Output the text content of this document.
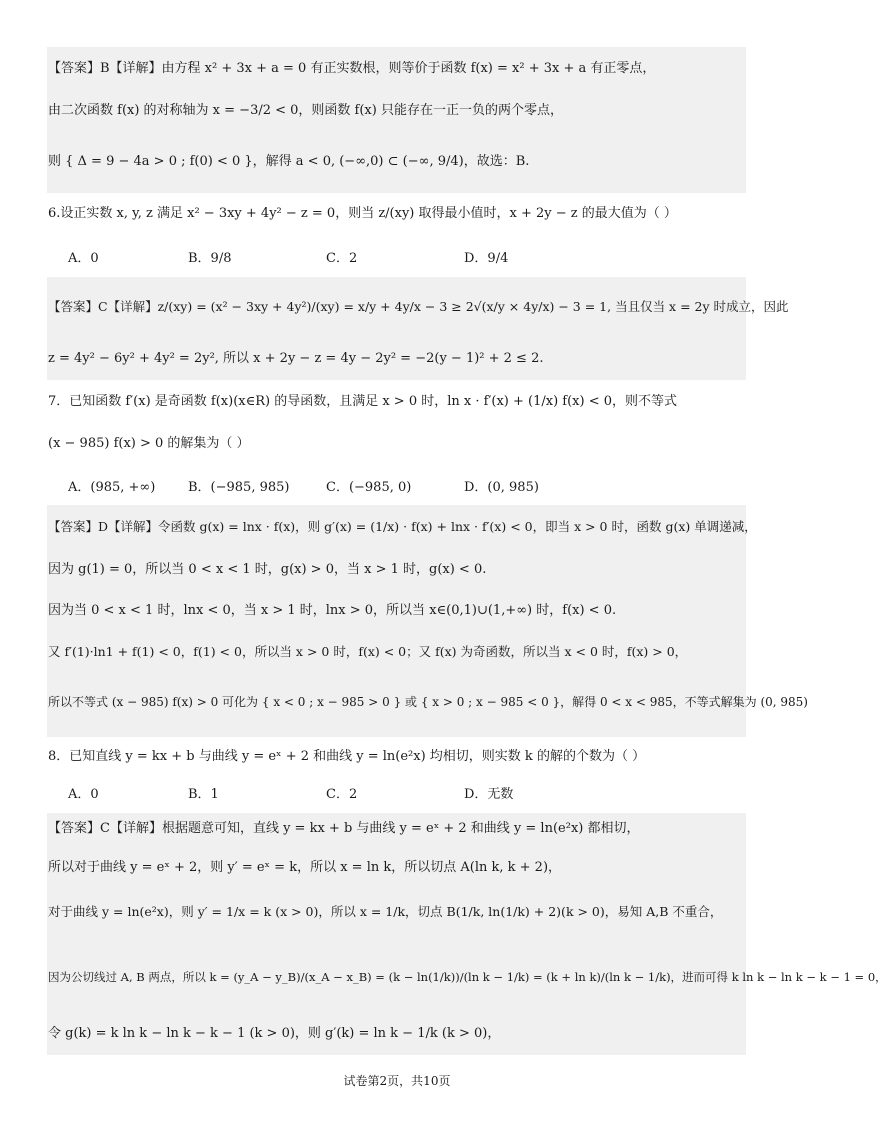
【答案】B【详解】由方程 x² + 3x + a = 0 有正实数根，则等价于函数 f(x) = x² + 3x + a 有正零点，
由二次函数 f(x) 的对称轴为 x = −3/2 < 0，则函数 f(x) 只能存在一正一负的两个零点，
则 { Δ = 9 − 4a > 0 ; f(0) < 0 }，解得 a < 0, (−∞,0) ⊂ (−∞, 9/4)，故选：B.
6.设正实数 x, y, z 满足 x² − 3xy + 4y² − z = 0，则当 z/(xy) 取得最小值时，x + 2y − z 的最大值为（ ）
A．0	B．9/8	C．2	D．9/4
【答案】C【详解】z/(xy) = (x² − 3xy + 4y²)/(xy) = x/y + 4y/x − 3 ≥ 2√(x/y × 4y/x) − 3 = 1, 当且仅当 x = 2y 时成立，因此
z = 4y² − 6y² + 4y² = 2y², 所以 x + 2y − z = 4y − 2y² = −2(y − 1)² + 2 ≤ 2.
7．已知函数 f′(x) 是奇函数 f(x)(x∈R) 的导函数，且满足 x > 0 时，ln x · f′(x) + (1/x) f(x) < 0，则不等式
(x − 985) f(x) > 0 的解集为（ ）
A．(985, +∞)	B．(−985, 985)	C．(−985, 0)	D．(0, 985)
【答案】D【详解】令函数 g(x) = lnx · f(x)，则 g′(x) = (1/x) · f(x) + lnx · f′(x) < 0，即当 x > 0 时，函数 g(x) 单调递减，
因为 g(1) = 0，所以当 0 < x < 1 时，g(x) > 0，当 x > 1 时，g(x) < 0.
因为当 0 < x < 1 时，lnx < 0，当 x > 1 时，lnx > 0，所以当 x∈(0,1)∪(1,+∞) 时，f(x) < 0.
又 f′(1)·ln1 + f(1) < 0，f(1) < 0，所以当 x > 0 时，f(x) < 0；又 f(x) 为奇函数，所以当 x < 0 时，f(x) > 0，
所以不等式 (x − 985) f(x) > 0 可化为 { x < 0 ; x − 985 > 0 } 或 { x > 0 ; x − 985 < 0 }，解得 0 < x < 985，不等式解集为 (0, 985)
8．已知直线 y = kx + b 与曲线 y = eˣ + 2 和曲线 y = ln(e²x) 均相切，则实数 k 的解的个数为（ ）
A．0	B．1	C．2	D．无数
【答案】C【详解】根据题意可知，直线 y = kx + b 与曲线 y = eˣ + 2 和曲线 y = ln(e²x) 都相切，
所以对于曲线 y = eˣ + 2，则 y′ = eˣ = k，所以 x = ln k，所以切点 A(ln k, k + 2)，
对于曲线 y = ln(e²x)，则 y′ = 1/x = k (x > 0)，所以 x = 1/k，切点 B(1/k, ln(1/k) + 2)(k > 0)，易知 A,B 不重合，
因为公切线过 A, B 两点，所以 k = (y_A − y_B)/(x_A − x_B) = (k − ln(1/k))/(ln k − 1/k) = (k + ln k)/(ln k − 1/k)，进而可得 k ln k − ln k − k − 1 = 0，
令 g(k) = k ln k − ln k − k − 1 (k > 0)，则 g′(k) = ln k − 1/k (k > 0)，
试卷第2页，共10页
